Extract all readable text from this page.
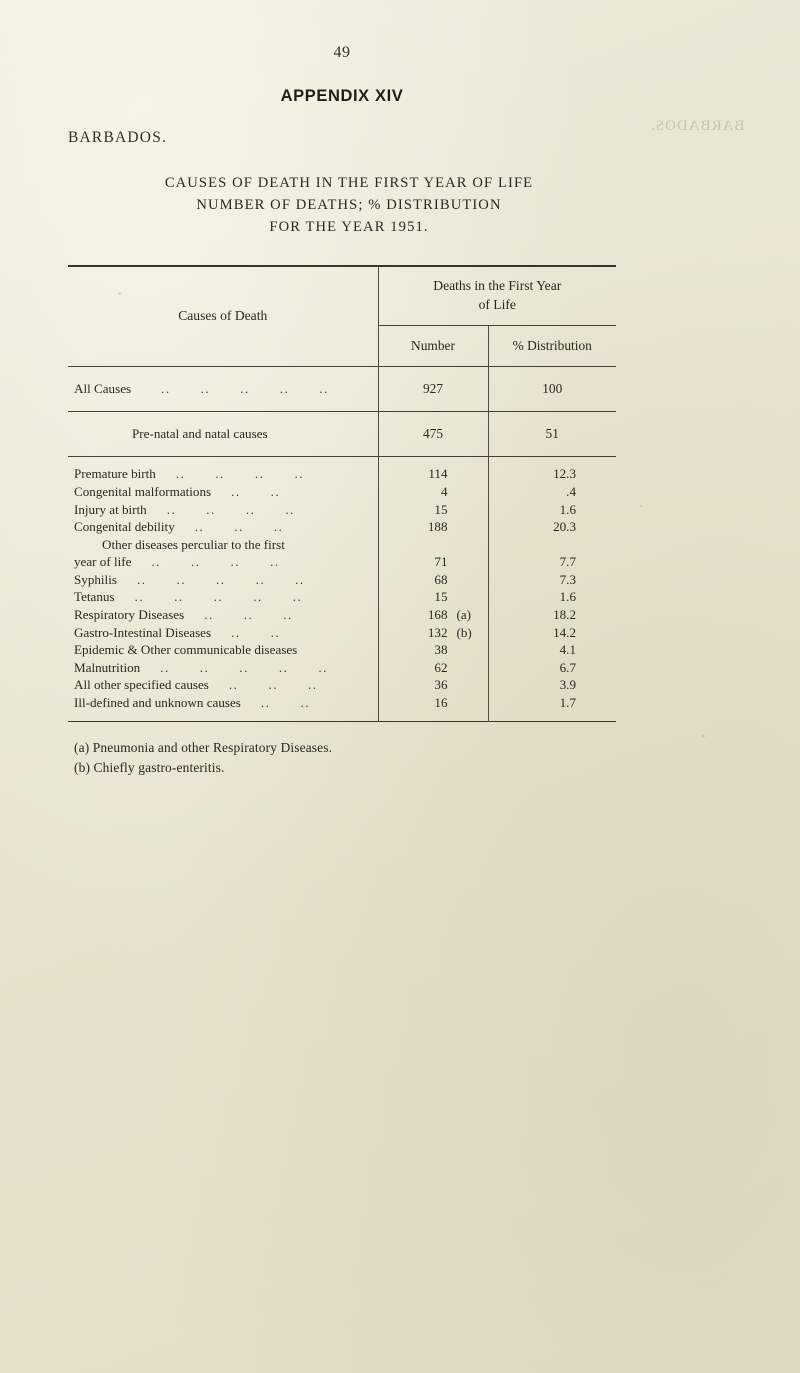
BARBADOS.
49
APPENDIX XIV
BARBADOS.
CAUSES OF DEATH IN THE FIRST YEAR OF LIFE
NUMBER OF DEATHS; % DISTRIBUTION
FOR THE YEAR 1951.

Causes of Death	Deaths in the First Year
of Life	

	Number	% Distribution

All Causes .. .. .. .. ..	927	100

Pre-natal and natal causes	475	51

Premature birth .. .. .. ..	114	12.3
Congenital malformations .. ..	4	.4
Injury at birth .. .. .. ..	15	1.6
Congenital debility .. .. ..	188	20.3
Other diseases perculiar to the first		
year of life .. .. .. ..	71	7.7
Syphilis .. .. .. .. ..	68	7.3
Tetanus .. .. .. .. ..	15	1.6
Respiratory Diseases .. .. ..	168 (a)	18.2
Gastro-Intestinal Diseases .. ..	132 (b)	14.2
Epidemic & Other communicable diseases	38	4.1
Malnutrition .. .. .. .. ..	62	6.7
All other specified causes .. .. ..	36	3.9
Ill-defined and unknown causes .. ..	16	1.7

(a) Pneumonia and other Respiratory Diseases.
(b) Chiefly gastro-enteritis.
